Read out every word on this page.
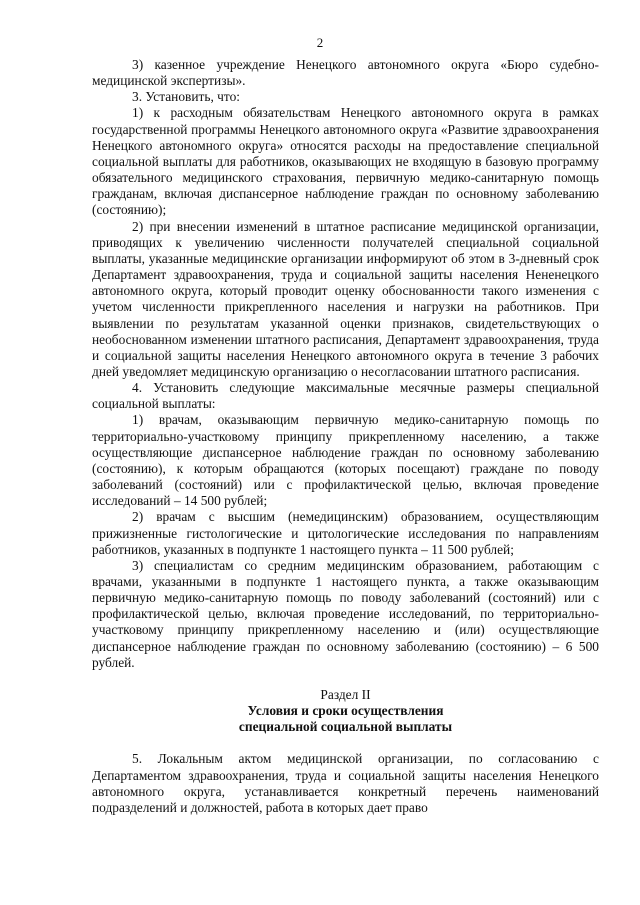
2

3) казенное учреждение Ненецкого автономного округа «Бюро судебно-медицинской экспертизы».

3. Установить, что:

1) к расходным обязательствам Ненецкого автономного округа в рамках государственной программы Ненецкого автономного округа «Развитие здравоохранения Ненецкого автономного округа» относятся расходы на предоставление специальной социальной выплаты для работников, оказывающих не входящую в базовую программу обязательного медицинского страхования, первичную медико-санитарную помощь гражданам, включая диспансерное наблюдение граждан по основному заболеванию (состоянию);

2) при внесении изменений в штатное расписание медицинской организации, приводящих к увеличению численности получателей специальной социальной выплаты, указанные медицинские организации информируют об этом в 3-дневный срок Департамент здравоохранения, труда и социальной защиты населения Нененецкого автономного округа, который проводит оценку обоснованности такого изменения с учетом численности прикрепленного населения и нагрузки на работников. При выявлении по результатам указанной оценки признаков, свидетельствующих о необоснованном изменении штатного расписания, Департамент здравоохранения, труда и социальной защиты населения Ненецкого автономного округа в течение 3 рабочих дней уведомляет медицинскую организацию о несогласовании штатного расписания.

4. Установить следующие максимальные месячные размеры специальной социальной выплаты:

1) врачам, оказывающим первичную медико-санитарную помощь по территориально-участковому принципу прикрепленному населению, а также осуществляющие диспансерное наблюдение граждан по основному заболеванию (состоянию), к которым обращаются (которых посещают) граждане по поводу заболеваний (состояний) или с профилактической целью, включая проведение исследований – 14 500 рублей;

2) врачам с высшим (немедицинским) образованием, осуществляющим прижизненные гистологические и цитологические исследования по направлениям работников, указанных в подпункте 1 настоящего пункта – 11 500 рублей;

3) специалистам со средним медицинским образованием, работающим с врачами, указанными в подпункте 1 настоящего пункта, а также оказывающим первичную медико-санитарную помощь по поводу заболеваний (состояний) или с профилактической целью, включая проведение исследований, по территориально-участковому принципу прикрепленному населению и (или) осуществляющие диспансерное наблюдение граждан по основному заболеванию (состоянию) – 6 500 рублей.

Раздел II

Условия и сроки осуществления

специальной социальной выплаты

5. Локальным актом медицинской организации, по согласованию с Департаментом здравоохранения, труда и социальной защиты населения Ненецкого автономного округа, устанавливается конкретный перечень наименований подразделений и должностей, работа в которых дает право
